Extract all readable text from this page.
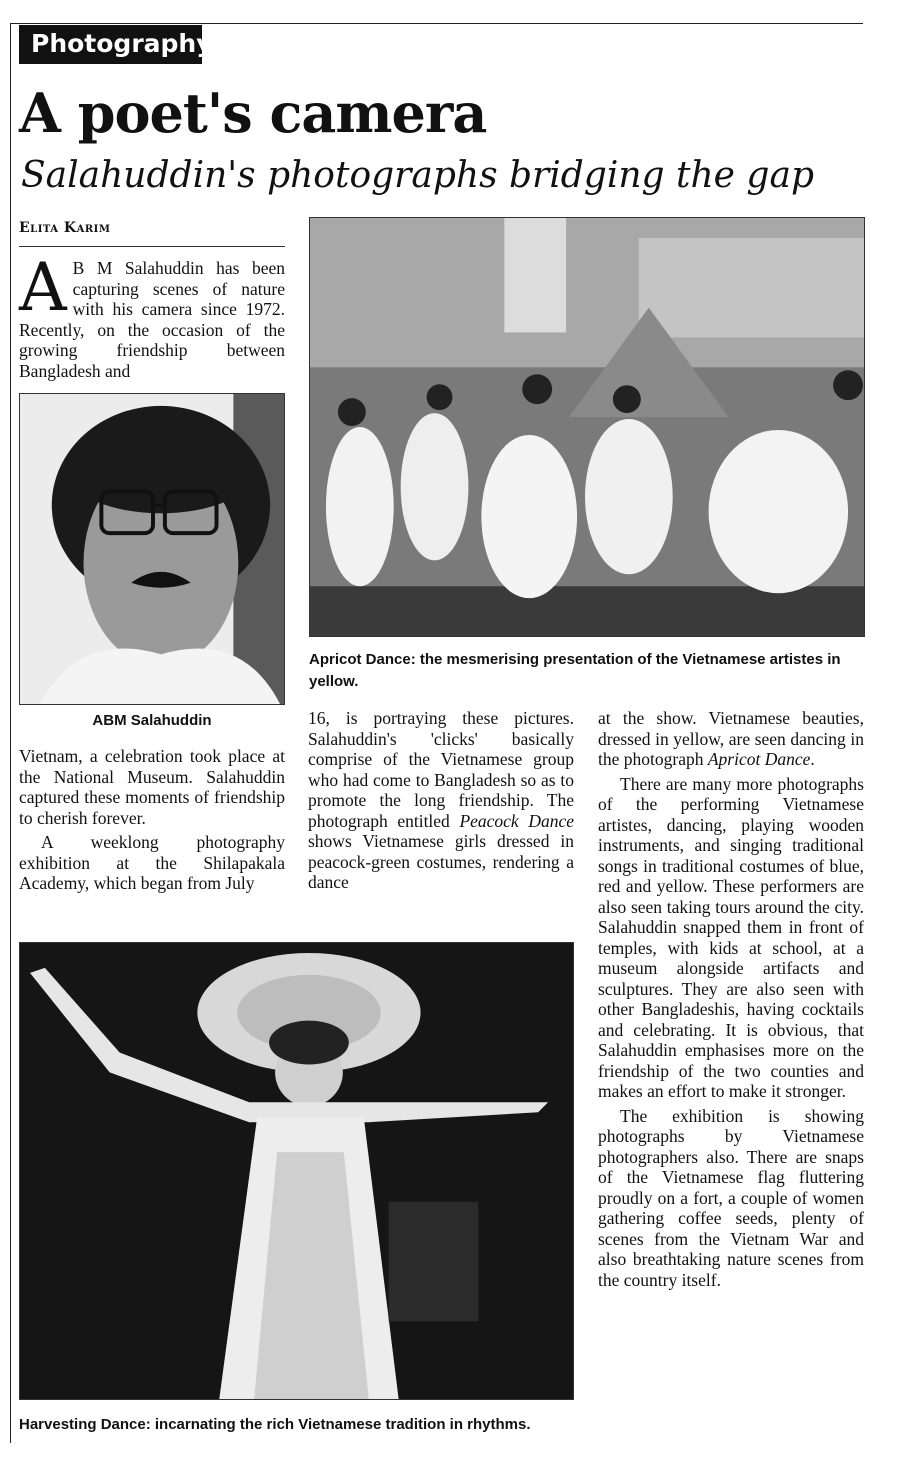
Photography
A poet's camera
Salahuddin's photographs bridging the gap
Elita Karim
A B M Salahuddin has been capturing scenes of nature with his camera since 1972. Recently, on the occasion of the growing friendship between Bangladesh and
ABM Salahuddin

Vietnam, a celebration took place at the National Museum. Salahuddin captured these moments of friendship to cherish forever.

A weeklong photography exhibition at the Shilapakala Academy, which began from July

Apricot Dance: the mesmerising presentation of the Vietnamese artistes in yellow.

16, is portraying these pictures. Salahuddin's 'clicks' basically comprise of the Vietnamese group who had come to Bangladesh so as to promote the long friendship. The photograph entitled Peacock Dance shows Vietnamese girls dressed in peacock-green costumes, rendering a dance

at the show. Vietnamese beauties, dressed in yellow, are seen dancing in the photograph Apricot Dance.

There are many more photographs of the performing Vietnamese artistes, dancing, playing wooden instruments, and singing traditional songs in traditional costumes of blue, red and yellow. These performers are also seen taking tours around the city. Salahuddin snapped them in front of temples, with kids at school, at a museum alongside artifacts and sculptures. They are also seen with other Bangladeshis, having cocktails and celebrating. It is obvious, that Salahuddin emphasises more on the friendship of the two counties and makes an effort to make it stronger.

The exhibition is showing photographs by Vietnamese photographers also. There are snaps of the Vietnamese flag fluttering proudly on a fort, a couple of women gathering coffee seeds, plenty of scenes from the Vietnam War and also breathtaking nature scenes from the country itself.

Harvesting Dance: incarnating the rich Vietnamese tradition in rhythms.
